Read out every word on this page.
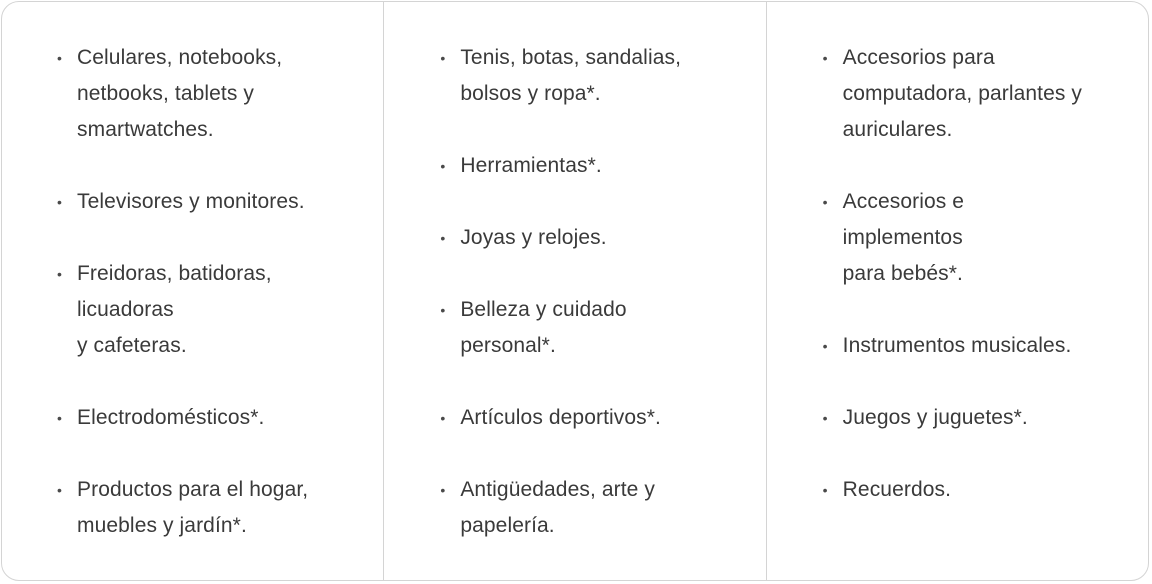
• Celulares, notebooks,
netbooks, tablets y
smartwatches.
• Televisores y monitores.
• Freidoras, batidoras,
licuadoras
y cafeteras.
• Electrodomésticos*.
• Productos para el hogar,
muebles y jardín*.
• Tenis, botas, sandalias,
bolsos y ropa*.
• Herramientas*.
• Joyas y relojes.
• Belleza y cuidado
personal*.
• Artículos deportivos*.
• Antigüedades, arte y
papelería.
• Accesorios para
computadora, parlantes y
auriculares.
• Accesorios e
implementos
para bebés*.
• Instrumentos musicales.
• Juegos y juguetes*.
• Recuerdos.
